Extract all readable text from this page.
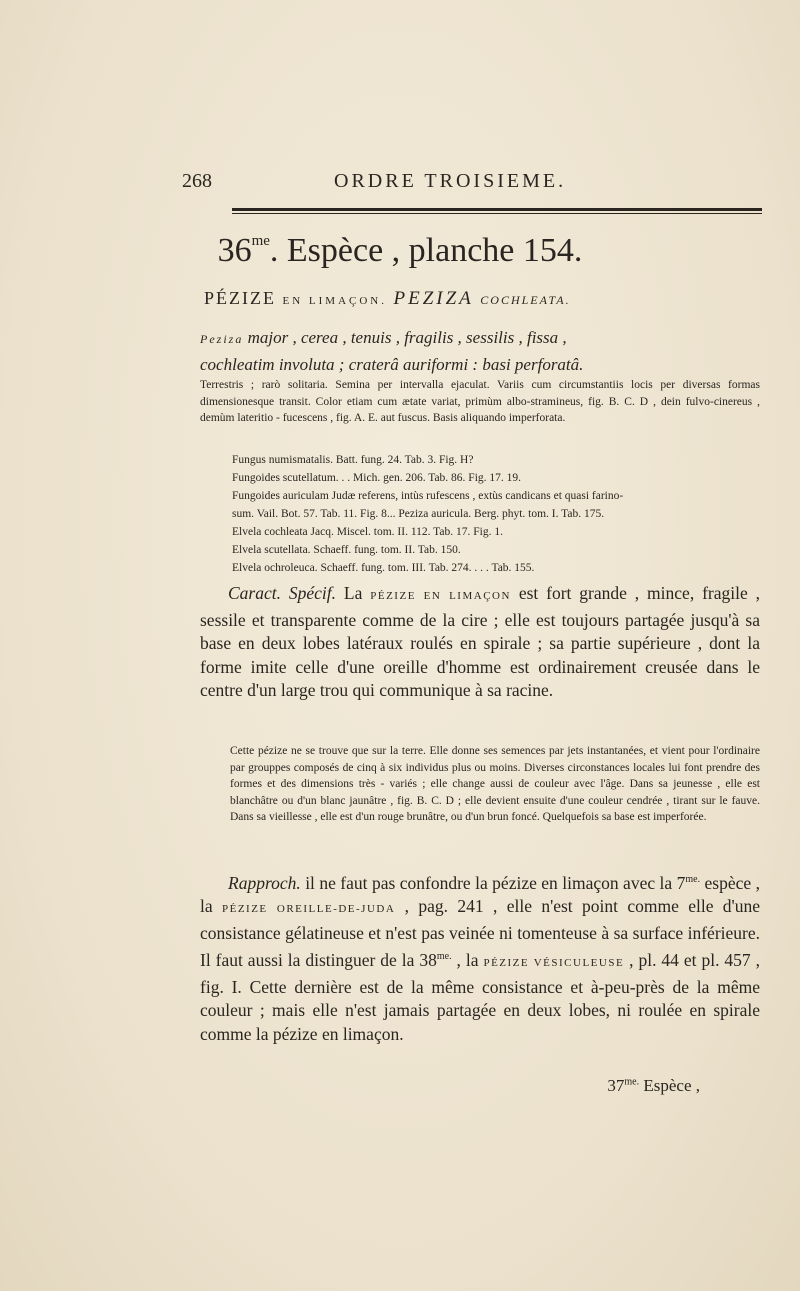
268	ORDRE TROISIEME.
$36^{me}$. Espèce , planche 154.
PÉZIZE EN LIMAÇON. PEZIZA COCHLEATA.
Peziza major , cerea , tenuis , fragilis , sessilis , fissa ,
cochleatim involuta ; craterâ auriformi : basi perforatâ.
Terrestris ; rarò solitaria. Semina per intervalla ejaculat. Variis cum circumstantiis locis per diversas formas dimensionesque transit. Color etiam cum ætate variat, primùm albo-stramineus, fig. B. C. D , dein fulvo-cinereus , demùm lateritio - fucescens , fig. A. E. aut fuscus. Basis aliquando imperforata.
Fungus numismatalis. Batt. fung. 24. Tab. 3. Fig. H?
Fungoides scutellatum. . . Mich. gen. 206. Tab. 86. Fig. 17. 19.
Fungoides auriculam Judæ referens, intùs rufescens , extùs candicans et quasi farino-
sum. Vail. Bot. 57. Tab. 11. Fig. 8... Peziza auricula. Berg. phyt. tom. I. Tab. 175.
Elvela cochleata Jacq. Miscel. tom. II. 112. Tab. 17. Fig. 1.
Elvela scutellata. Schaeff. fung. tom. II. Tab. 150.
Elvela ochroleuca. Schaeff. fung. tom. III. Tab. 274. . . . Tab. 155.
Caract. Spécif. La PÉZIZE EN LIMAÇON est fort grande , mince, fragile , sessile et transparente comme de la cire ; elle est toujours partagée jusqu'à sa base en deux lobes latéraux roulés en spirale ; sa partie supérieure , dont la forme imite celle d'une oreille d'homme est ordinairement creusée dans le centre d'un large trou qui communique à sa racine.
Cette pézize ne se trouve que sur la terre. Elle donne ses semences par jets instantanées, et vient pour l'ordinaire par grouppes composés de cinq à six individus plus ou moins. Diverses circonstances locales lui font prendre des formes et des dimensions très - variés ; elle change aussi de couleur avec l'âge. Dans sa jeunesse , elle est blanchâtre ou d'un blanc jaunâtre , fig. B. C. D ; elle devient ensuite d'une couleur cendrée , tirant sur le fauve. Dans sa vieillesse , elle est d'un rouge brunâtre, ou d'un brun foncé. Quelquefois sa base est imperforée.
Rapproch. il ne faut pas confondre la pézize en limaçon avec la $7^{me.}$ espèce , la PÉZIZE OREILLE-DE-JUDA , pag. 241 , elle n'est point comme elle d'une consistance gélatineuse et n'est pas veinée ni tomenteuse à sa surface inférieure. Il faut aussi la distinguer de la $38^{me.}$ , la PÉZIZE VÉSICULEUSE , pl. 44 et pl. 457 , fig. I. Cette dernière est de la même consistance et à-peu-près de la même couleur ; mais elle n'est jamais partagée en deux lobes, ni roulée en spirale comme la pézize en limaçon.
$37^{me.}$ Espèce ,
